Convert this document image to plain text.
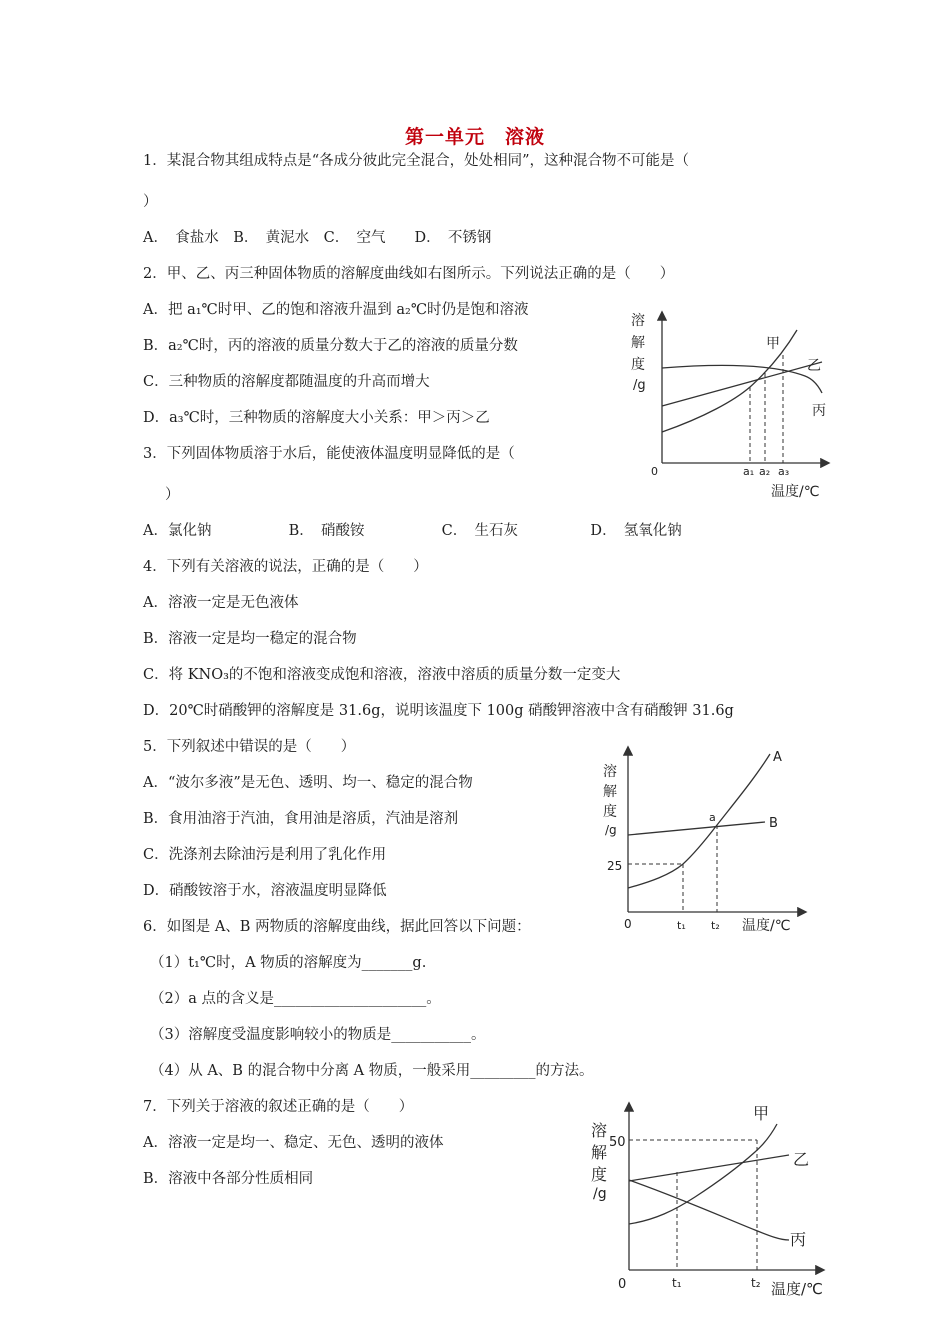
第一单元　溶液
1．某混合物其组成特点是“各成分彼此完全混合，处处相同”，这种混合物不可能是（
）
A．　食盐水　B．　黄泥水　C．　空气　　D．　不锈钢
2．甲、乙、丙三种固体物质的溶解度曲线如右图所示。下列说法正确的是（　　）
A．把 a₁℃时甲、乙的饱和溶液升温到 a₂℃时仍是饱和溶液
B．a₂℃时，丙的溶液的质量分数大于乙的溶液的质量分数
C．三种物质的溶解度都随温度的升高而增大
D．a₃℃时，三种物质的溶解度大小关系：甲＞丙＞乙
3．下列固体物质溶于水后，能使液体温度明显降低的是（
）
A．氯化钠　　　　　 B．　硝酸铵　　　　　 C．　生石灰　　　　　D．　氢氧化钠
4．下列有关溶液的说法，正确的是（　　）
A．溶液一定是无色液体
B．溶液一定是均一稳定的混合物
C．将 KNO₃的不饱和溶液变成饱和溶液，溶液中溶质的质量分数一定变大
D．20℃时硝酸钾的溶解度是 31.6g，说明该温度下 100g 硝酸钾溶液中含有硝酸钾 31.6g
5．下列叙述中错误的是（　　）
A．“波尔多液”是无色、透明、均一、稳定的混合物
B．食用油溶于汽油，食用油是溶质，汽油是溶剂
C．洗涤剂去除油污是利用了乳化作用
D．硝酸铵溶于水，溶液温度明显降低
6．如图是 A、B 两物质的溶解度曲线，据此回答以下问题：
（1）t₁℃时，A 物质的溶解度为_______g.
（2）a 点的含义是_____________________。
（3）溶解度受温度影响较小的物质是___________。
（4）从 A、B 的混合物中分离 A 物质，一般采用_________的方法。
7．下列关于溶液的叙述正确的是（　　）
A．溶液一定是均一、稳定、无色、透明的液体
B．溶液中各部分性质相同
溶
解
度
/g
0	a₁ a₂ a₃
温度/℃
甲
乙
丙
溶
解
度
/g
0
25
a
t₁ t₂ 温度/℃
A
B
溶
解
度
/g
0
50
t₁	t₂ 温度/℃
甲
乙
丙
